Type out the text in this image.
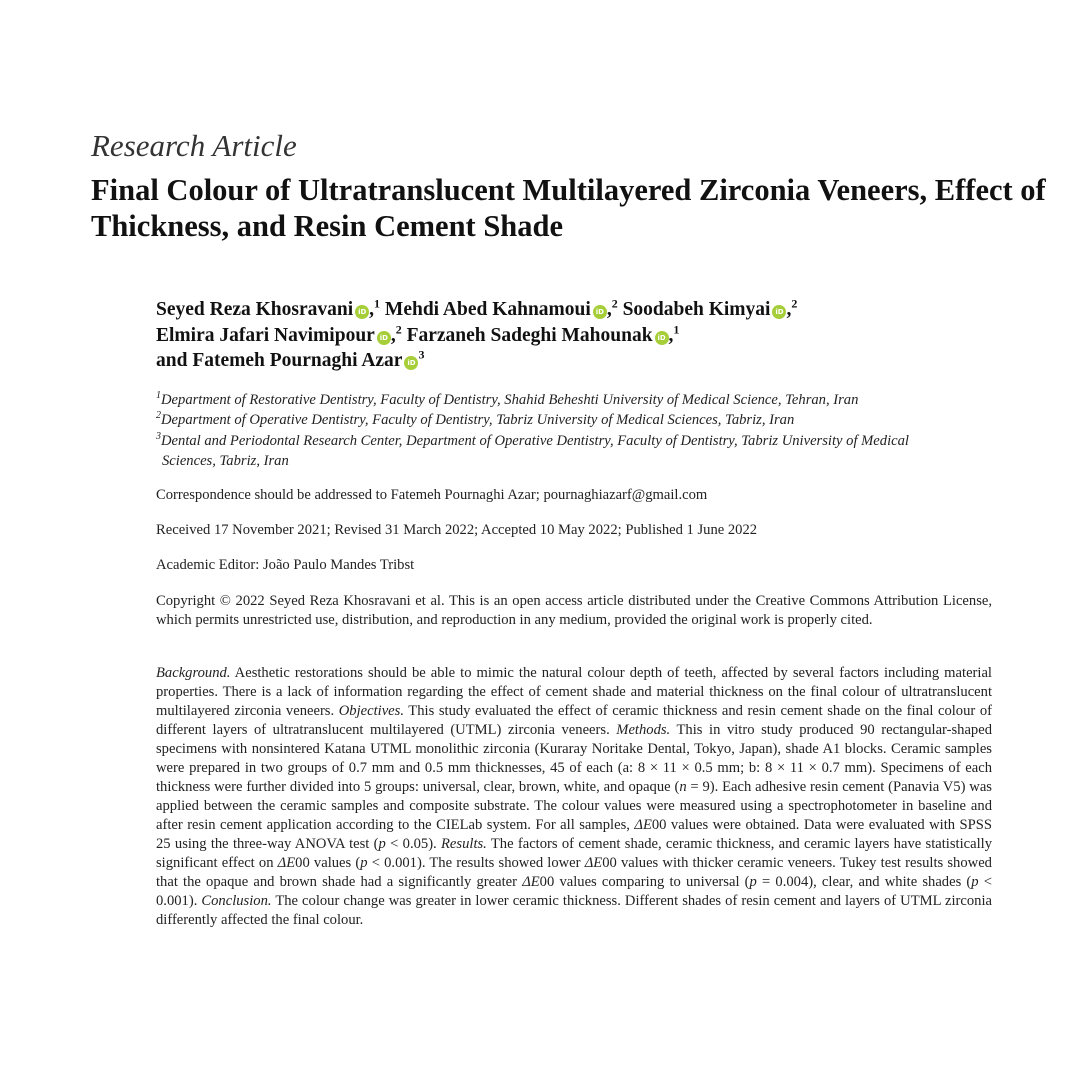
Research Article
Final Colour of Ultratranslucent Multilayered Zirconia Veneers, Effect of Thickness, and Resin Cement Shade
Seyed Reza Khosravani iD ,$^1$ Mehdi Abed Kahnamoui iD ,$^2$ Soodabeh Kimyai iD ,$^2$
Elmira Jafari Navimipour iD ,$^2$ Farzaneh Sadeghi Mahounak iD ,$^1$
and Fatemeh Pournaghi Azar $iD^3$
$^1$Department of Restorative Dentistry, Faculty of Dentistry, Shahid Beheshti University of Medical Science, Tehran, Iran
$^2$Department of Operative Dentistry, Faculty of Dentistry, Tabriz University of Medical Sciences, Tabriz, Iran
$^3$Dental and Periodontal Research Center, Department of Operative Dentistry, Faculty of Dentistry, Tabriz University of Medical Sciences, Tabriz, Iran
Correspondence should be addressed to Fatemeh Pournaghi Azar; pournaghiazarf@gmail.com
Received 17 November 2021; Revised 31 March 2022; Accepted 10 May 2022; Published 1 June 2022
Academic Editor: João Paulo Mandes Tribst
Copyright © 2022 Seyed Reza Khosravani et al. This is an open access article distributed under the Creative Commons Attribution License, which permits unrestricted use, distribution, and reproduction in any medium, provided the original work is properly cited.
Background. Aesthetic restorations should be able to mimic the natural colour depth of teeth, affected by several factors including material properties. There is a lack of information regarding the effect of cement shade and material thickness on the final colour of ultratranslucent multilayered zirconia veneers. Objectives. This study evaluated the effect of ceramic thickness and resin cement shade on the final colour of different layers of ultratranslucent multilayered (UTML) zirconia veneers. Methods. This in vitro study produced 90 rectangular-shaped specimens with nonsintered Katana UTML monolithic zirconia (Kuraray Noritake Dental, Tokyo, Japan), shade A1 blocks. Ceramic samples were prepared in two groups of 0.7 mm and 0.5 mm thicknesses, 45 of each (a: 8 × 11 × 0.5 mm; b: 8 × 11 × 0.7 mm). Specimens of each thickness were further divided into 5 groups: universal, clear, brown, white, and opaque (n = 9). Each adhesive resin cement (Panavia V5) was applied between the ceramic samples and composite substrate. The colour values were measured using a spectrophotometer in baseline and after resin cement application according to the CIELab system. For all samples, ΔE00 values were obtained. Data were evaluated with SPSS 25 using the three-way ANOVA test (p < 0.05). Results. The factors of cement shade, ceramic thickness, and ceramic layers have statistically significant effect on ΔE00 values (p < 0.001). The results showed lower ΔE00 values with thicker ceramic veneers. Tukey test results showed that the opaque and brown shade had a significantly greater ΔE00 values comparing to universal (p = 0.004), clear, and white shades (p < 0.001). Conclusion. The colour change was greater in lower ceramic thickness. Different shades of resin cement and layers of UTML zirconia differently affected the final colour.
